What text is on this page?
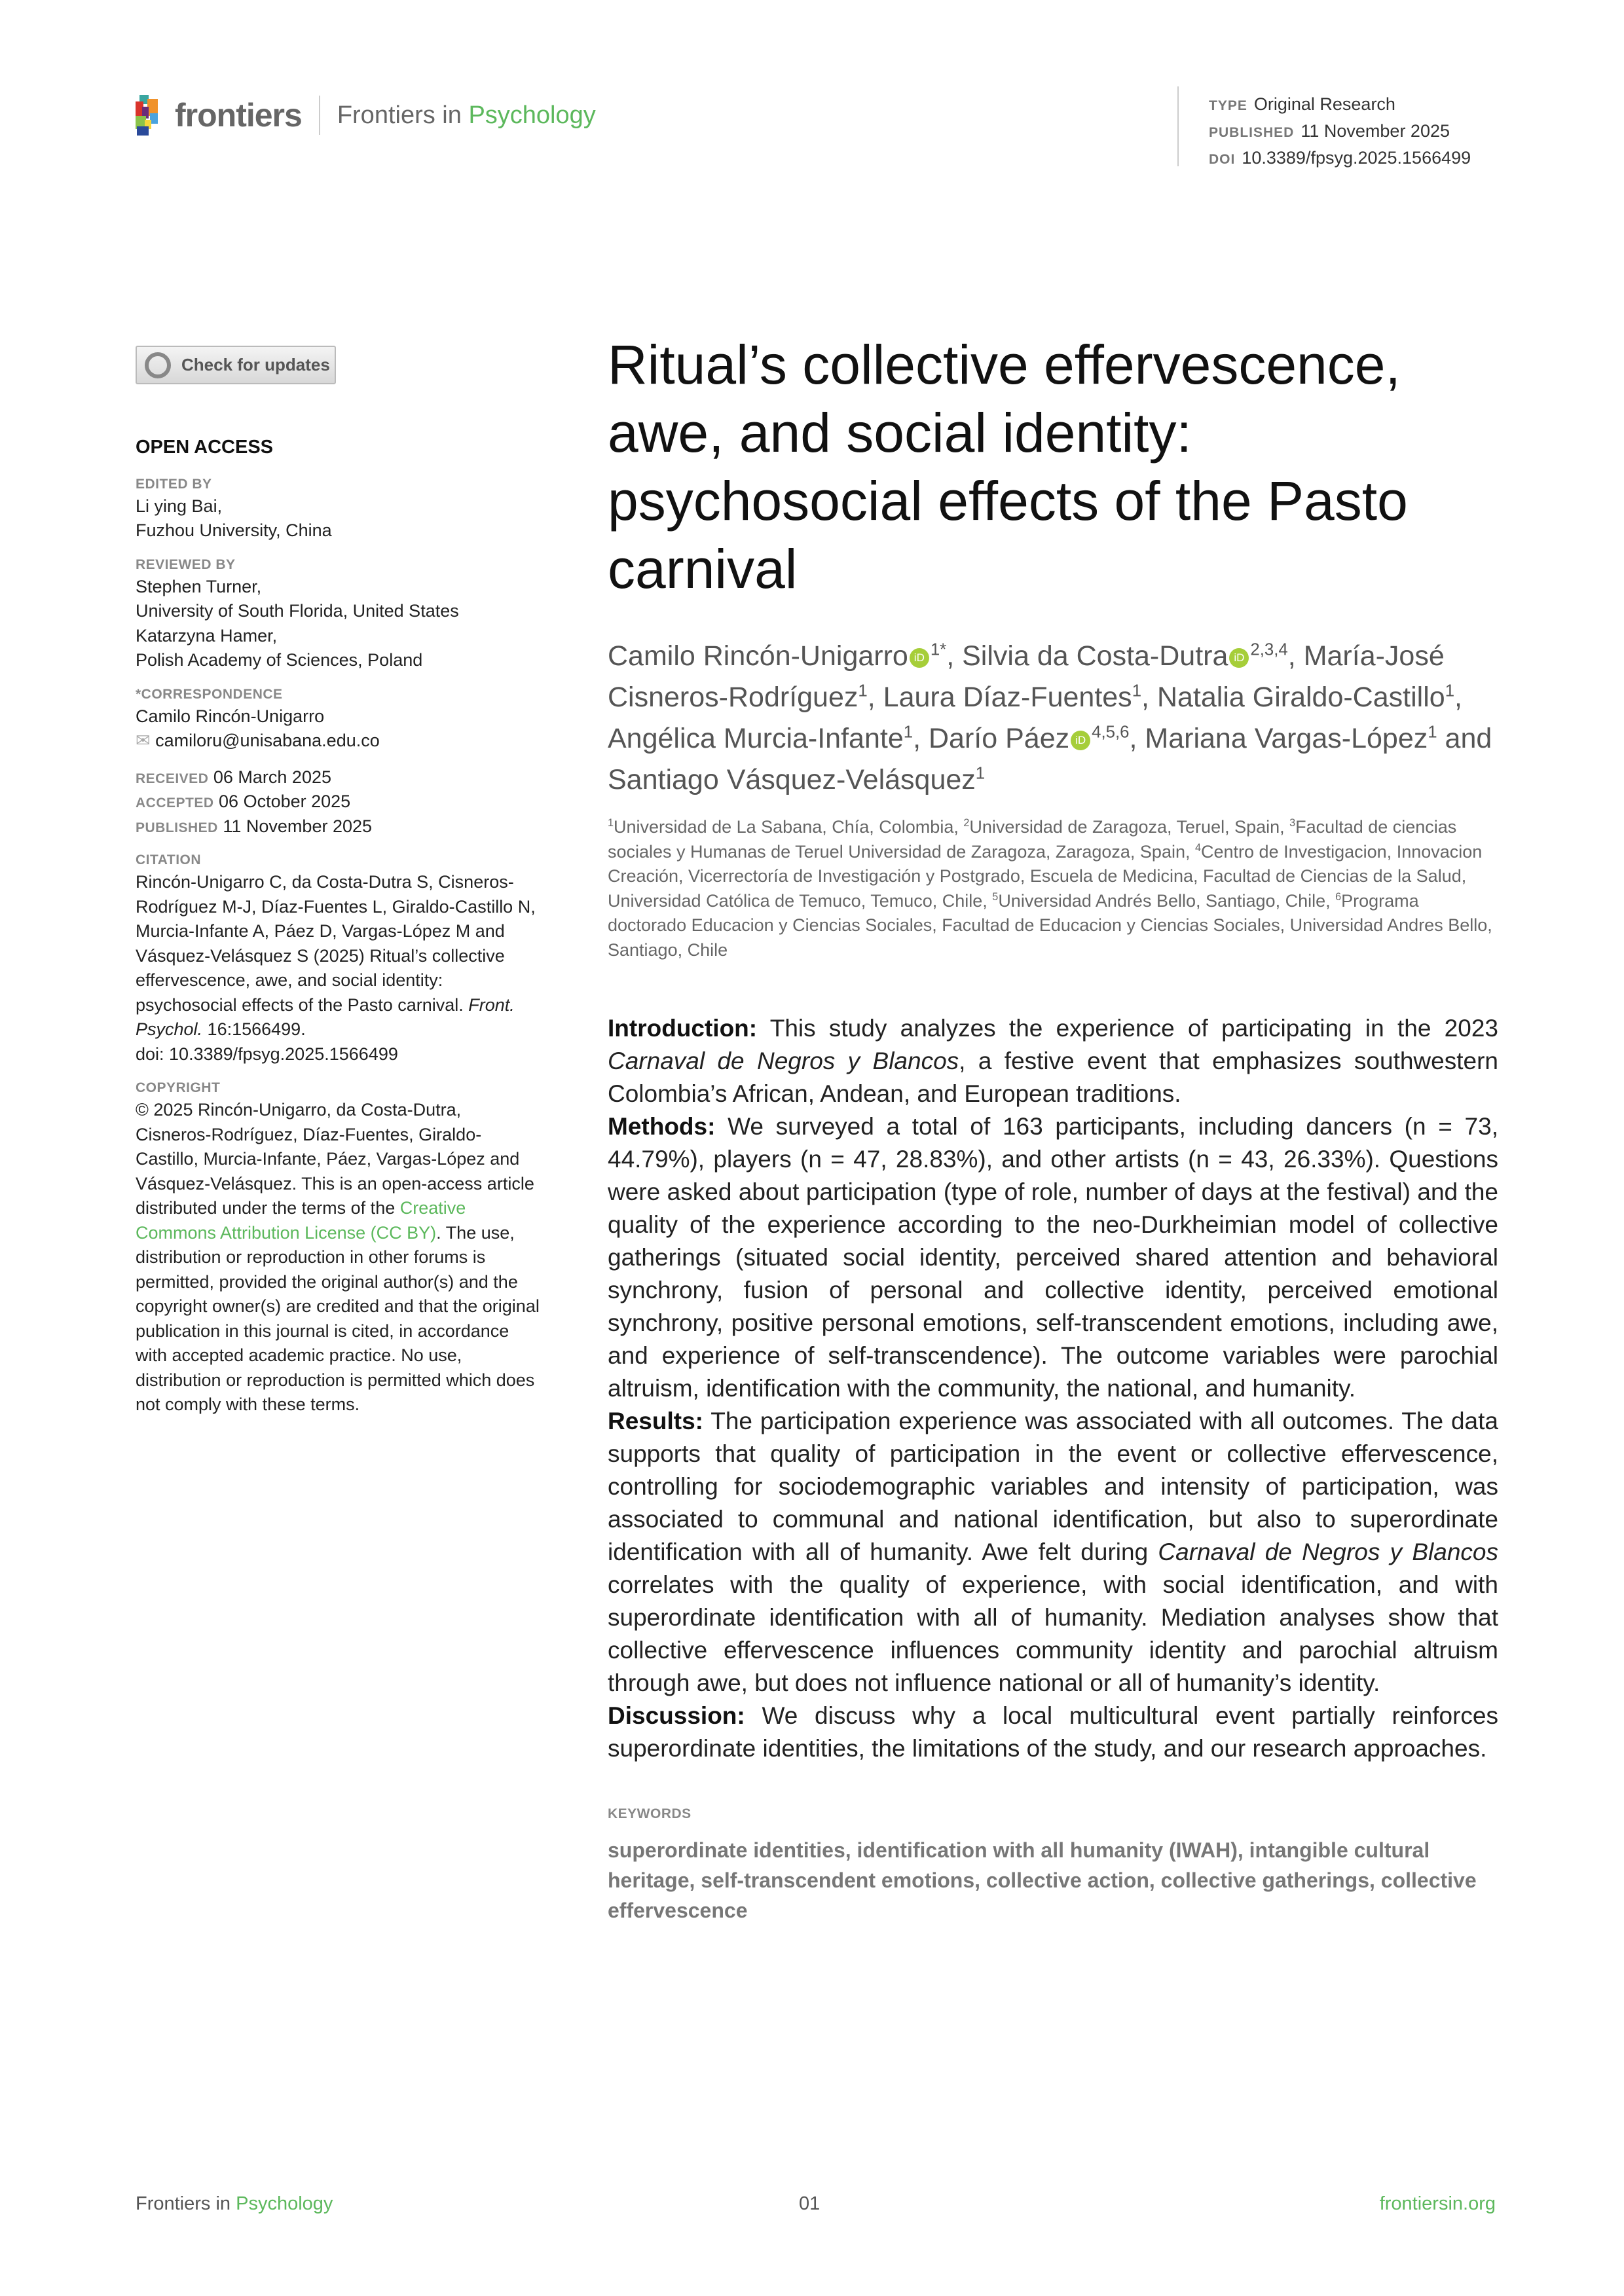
frontiers Frontiers in Psychology	TYPE Original Research
PUBLISHED 11 November 2025
DOI 10.3389/fpsyg.2025.1566499
Check for updates
OPEN ACCESS
EDITED BY
Li ying Bai,
Fuzhou University, China
REVIEWED BY
Stephen Turner,
University of South Florida, United States
Katarzyna Hamer,
Polish Academy of Sciences, Poland
*CORRESPONDENCE
Camilo Rincón-Unigarro
✉ camiloru@unisabana.edu.co
RECEIVED 06 March 2025
ACCEPTED 06 October 2025
PUBLISHED 11 November 2025
CITATION
Rincón-Unigarro C, da Costa-Dutra S, Cisneros-Rodríguez M-J, Díaz-Fuentes L, Giraldo-Castillo N, Murcia-Infante A, Páez D, Vargas-López M and Vásquez-Velásquez S (2025) Ritual’s collective effervescence, awe, and social identity: psychosocial effects of the Pasto carnival. Front. Psychol. 16:1566499.
doi: 10.3389/fpsyg.2025.1566499
COPYRIGHT
© 2025 Rincón-Unigarro, da Costa-Dutra, Cisneros-Rodríguez, Díaz-Fuentes, Giraldo-Castillo, Murcia-Infante, Páez, Vargas-López and Vásquez-Velásquez. This is an open-access article distributed under the terms of the Creative Commons Attribution License (CC BY). The use, distribution or reproduction in other forums is permitted, provided the original author(s) and the copyright owner(s) are credited and that the original publication in this journal is cited, in accordance with accepted academic practice. No use, distribution or reproduction is permitted which does not comply with these terms.
Ritual’s collective effervescence, awe, and social identity: psychosocial effects of the Pasto carnival
Camilo Rincón-Unigarro iD $^{1*}$, Silvia da Costa-Dutra iD $^{2,3,4}$, María-José Cisneros-Rodríguez$^1$, Laura Díaz-Fuentes$^1$, Natalia Giraldo-Castillo$^1$, Angélica Murcia-Infante$^1$, Darío Páez iD $^{4,5,6}$, Mariana Vargas-López$^1$ and Santiago Vásquez-Velásquez$^1$
$^1$Universidad de La Sabana, Chía, Colombia, $^2$Universidad de Zaragoza, Teruel, Spain, $^3$Facultad de ciencias sociales y Humanas de Teruel Universidad de Zaragoza, Zaragoza, Spain, $^4$Centro de Investigacion, Innovacion Creación, Vicerrectoría de Investigación y Postgrado, Escuela de Medicina, Facultad de Ciencias de la Salud, Universidad Católica de Temuco, Temuco, Chile, $^5$Universidad Andrés Bello, Santiago, Chile, $^6$Programa doctorado Educacion y Ciencias Sociales, Facultad de Educacion y Ciencias Sociales, Universidad Andres Bello, Santiago, Chile
Introduction: This study analyzes the experience of participating in the 2023 Carnaval de Negros y Blancos, a festive event that emphasizes southwestern Colombia’s African, Andean, and European traditions.
Methods: We surveyed a total of 163 participants, including dancers (n = 73, 44.79%), players (n = 47, 28.83%), and other artists (n = 43, 26.33%). Questions were asked about participation (type of role, number of days at the festival) and the quality of the experience according to the neo-Durkheimian model of collective gatherings (situated social identity, perceived shared attention and behavioral synchrony, fusion of personal and collective identity, perceived emotional synchrony, positive personal emotions, self-transcendent emotions, including awe, and experience of self-transcendence). The outcome variables were parochial altruism, identification with the community, the national, and humanity.
Results: The participation experience was associated with all outcomes. The data supports that quality of participation in the event or collective effervescence, controlling for sociodemographic variables and intensity of participation, was associated to communal and national identification, but also to superordinate identification with all of humanity. Awe felt during Carnaval de Negros y Blancos correlates with the quality of experience, with social identification, and with superordinate identification with all of humanity. Mediation analyses show that collective effervescence influences community identity and parochial altruism through awe, but does not influence national or all of humanity’s identity.
Discussion: We discuss why a local multicultural event partially reinforces superordinate identities, the limitations of the study, and our research approaches.
KEYWORDS
superordinate identities, identification with all humanity (IWAH), intangible cultural heritage, self-transcendent emotions, collective action, collective gatherings, collective effervescence
Frontiers in Psychology	01	frontiersin.org
